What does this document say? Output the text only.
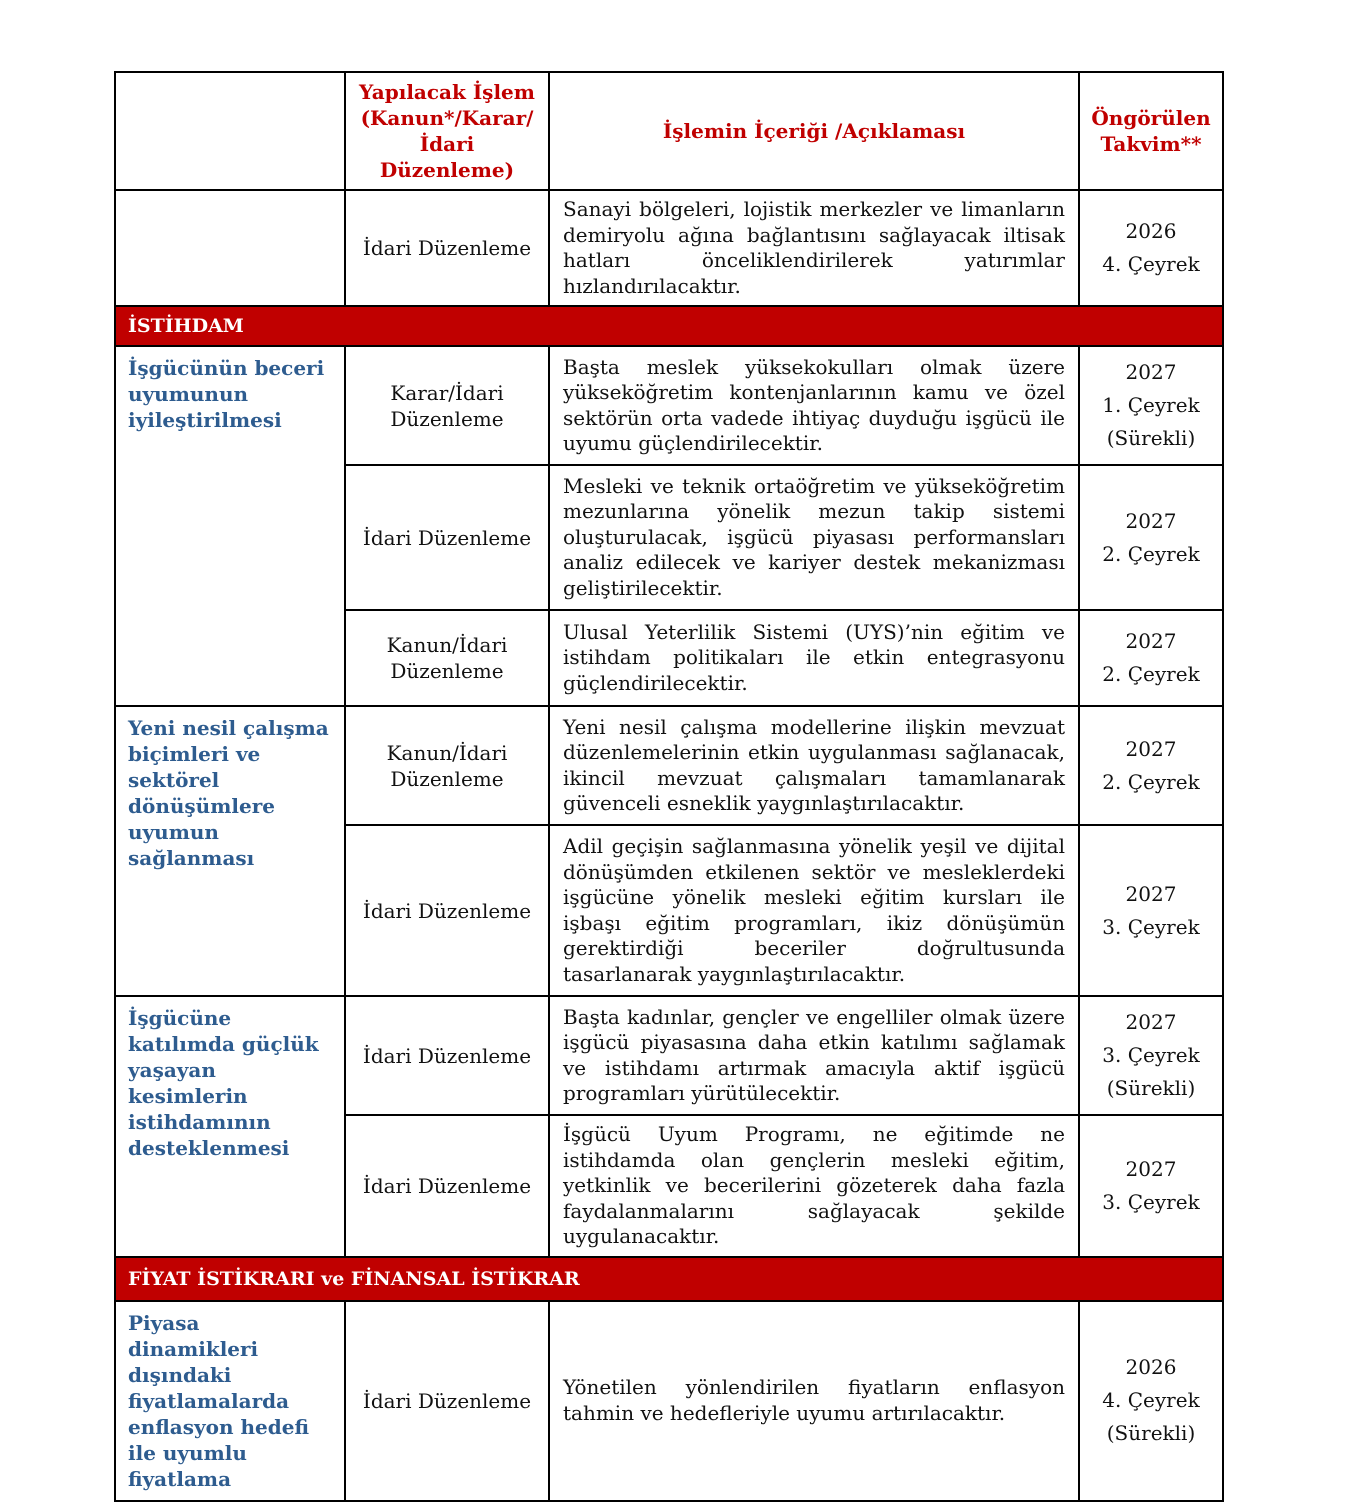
	Yapılacak İşlem (Kanun*/Karar/ İdari Düzenleme)	İşlemin İçeriği /Açıklaması	Öngörülen Takvim**
	İdari Düzenleme	Sanayi bölgeleri, lojistik merkezler ve limanların demiryolu ağına bağlantısını sağlayacak iltisak hatları önceliklendirilerek yatırımlar hızlandırılacaktır.	2026
4. Çeyrek

İSTİHDAM			
İşgücünün beceri uyumunun iyileştirilmesi	Karar/İdari Düzenleme	Başta meslek yüksekokulları olmak üzere yükseköğretim kontenjanlarının kamu ve özel sektörün orta vadede ihtiyaç duyduğu işgücü ile uyumu güçlendirilecektir.	2027
1. Çeyrek
(Sürekli)

	İdari Düzenleme	Mesleki ve teknik ortaöğretim ve yükseköğretim mezunlarına yönelik mezun takip sistemi oluşturulacak, işgücü piyasası performansları analiz edilecek ve kariyer destek mekanizması geliştirilecektir.	2027
2. Çeyrek

	Kanun/İdari Düzenleme	Ulusal Yeterlilik Sistemi (UYS)’nin eğitim ve istihdam politikaları ile etkin entegrasyonu güçlendirilecektir.	2027
2. Çeyrek

Yeni nesil çalışma biçimleri ve sektörel dönüşümlere uyumun sağlanması	Kanun/İdari Düzenleme	Yeni nesil çalışma modellerine ilişkin mevzuat düzenlemelerinin etkin uygulanması sağlanacak, ikincil mevzuat çalışmaları tamamlanarak güvenceli esneklik yaygınlaştırılacaktır.	2027
2. Çeyrek

	İdari Düzenleme	Adil geçişin sağlanmasına yönelik yeşil ve dijital dönüşümden etkilenen sektör ve mesleklerdeki işgücüne yönelik mesleki eğitim kursları ile işbaşı eğitim programları, ikiz dönüşümün gerektirdiği beceriler doğrultusunda tasarlanarak yaygınlaştırılacaktır.	2027
3. Çeyrek

İşgücüne katılımda güçlük yaşayan kesimlerin istihdamının desteklenmesi	İdari Düzenleme	Başta kadınlar, gençler ve engelliler olmak üzere işgücü piyasasına daha etkin katılımı sağlamak ve istihdamı artırmak amacıyla aktif işgücü programları yürütülecektir.	2027
3. Çeyrek
(Sürekli)

	İdari Düzenleme	İşgücü Uyum Programı, ne eğitimde ne istihdamda olan gençlerin mesleki eğitim, yetkinlik ve becerilerini gözeterek daha fazla faydalanmalarını sağlayacak şekilde uygulanacaktır.	2027
3. Çeyrek

FİYAT İSTİKRARI ve FİNANSAL İSTİKRAR			
Piyasa dinamikleri dışındaki fiyatlamalarda enflasyon hedefi ile uyumlu fiyatlama	İdari Düzenleme	Yönetilen yönlendirilen fiyatların enflasyon tahmin ve hedefleriyle uyumu artırılacaktır.	2026
4. Çeyrek
(Sürekli)
